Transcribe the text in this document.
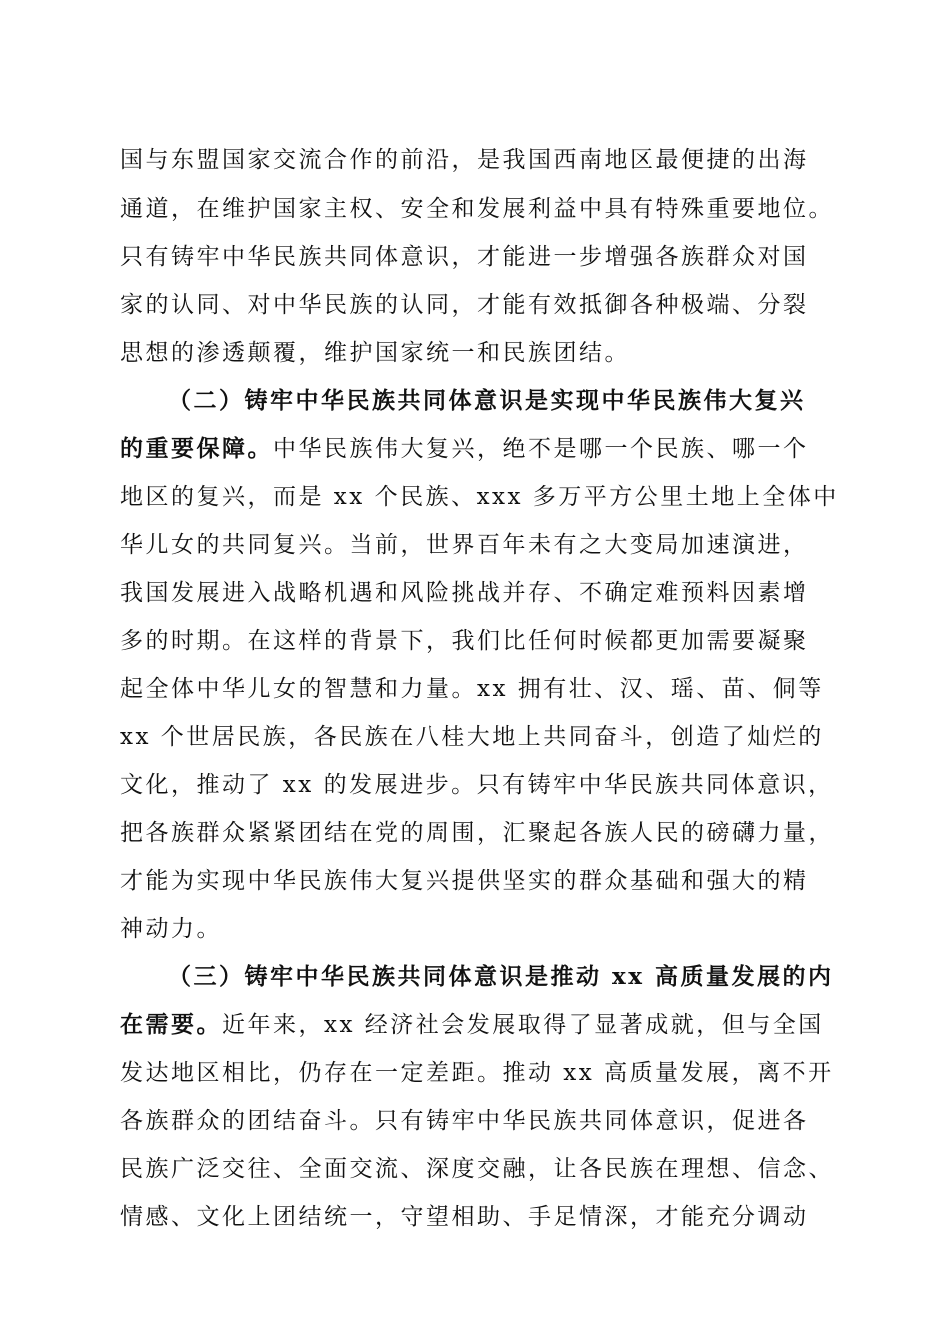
国与东盟国家交流合作的前沿，是我国西南地区最便捷的出海
通道，在维护国家主权、安全和发展利益中具有特殊重要地位。
只有铸牢中华民族共同体意识，才能进一步增强各族群众对国
家的认同、对中华民族的认同，才能有效抵御各种极端、分裂
思想的渗透颠覆，维护国家统一和民族团结。
（二）铸牢中华民族共同体意识是实现中华民族伟大复兴
的重要保障。中华民族伟大复兴，绝不是哪一个民族、哪一个
地区的复兴，而是 xx 个民族、xxx 多万平方公里土地上全体中
华儿女的共同复兴。当前，世界百年未有之大变局加速演进，
我国发展进入战略机遇和风险挑战并存、不确定难预料因素增
多的时期。在这样的背景下，我们比任何时候都更加需要凝聚
起全体中华儿女的智慧和力量。xx 拥有壮、汉、瑶、苗、侗等
xx 个世居民族，各民族在八桂大地上共同奋斗，创造了灿烂的
文化，推动了 xx 的发展进步。只有铸牢中华民族共同体意识，
把各族群众紧紧团结在党的周围，汇聚起各族人民的磅礴力量，
才能为实现中华民族伟大复兴提供坚实的群众基础和强大的精
神动力。
（三）铸牢中华民族共同体意识是推动 xx 高质量发展的内
在需要。近年来，xx 经济社会发展取得了显著成就，但与全国
发达地区相比，仍存在一定差距。推动 xx 高质量发展，离不开
各族群众的团结奋斗。只有铸牢中华民族共同体意识，促进各
民族广泛交往、全面交流、深度交融，让各民族在理想、信念、
情感、文化上团结统一，守望相助、手足情深，才能充分调动
